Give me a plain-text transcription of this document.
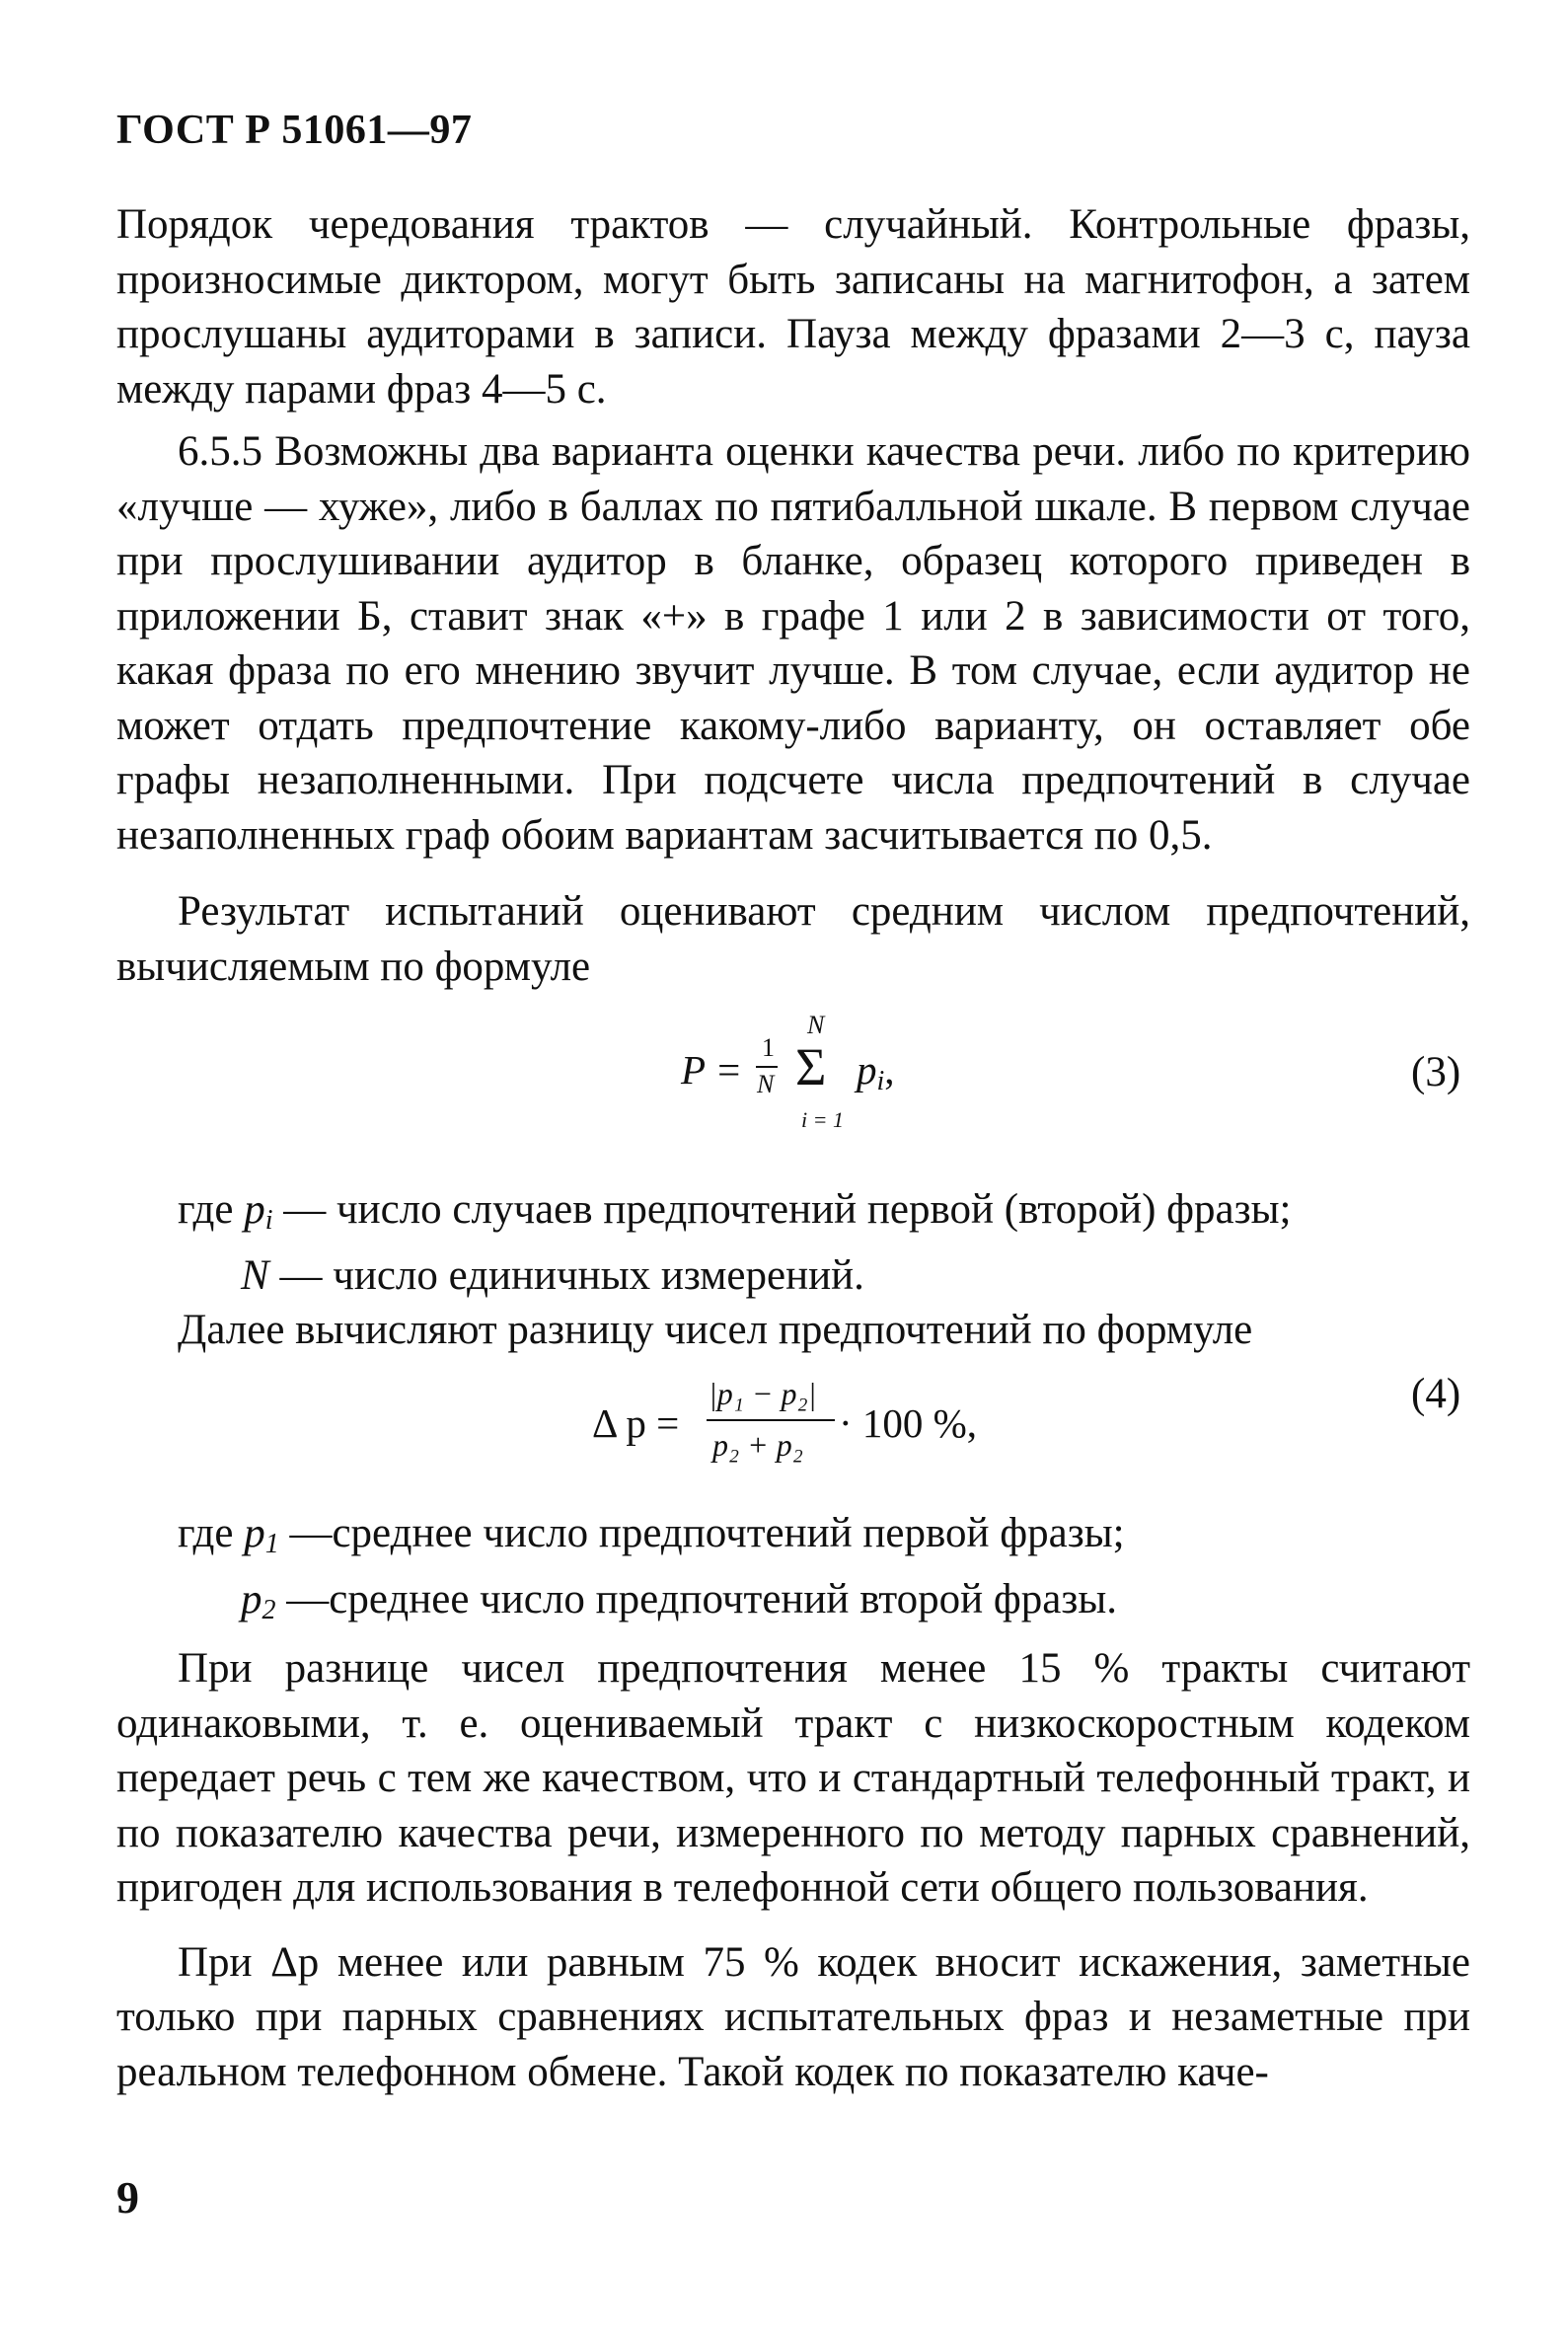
ГОСТ Р 51061—97

Порядок чередования трактов — случайный. Контрольные фразы, произносимые диктором, могут быть записаны на магнитофон, а затем прослушаны аудиторами в записи. Пауза между фразами 2—3 с, пауза между парами фраз 4—5 с.

6.5.5 Возможны два варианта оценки качества речи. либо по критерию «лучше — хуже», либо в баллах по пятибалльной шкале. В первом случае при прослушивании аудитор в бланке, образец которого приведен в приложении Б, ставит знак «+» в графе 1 или 2 в зависимости от того, какая фраза по его мнению звучит лучше. В том случае, если аудитор не может отдать предпочтение какому-либо варианту, он оставляет обе графы незаполненными. При подсчете числа предпочтений в случае незаполненных граф обоим вариантам засчитывается по 0,5.

Результат испытаний оценивают средним числом предпочтений, вычисляемым по формуле

P = 1
N
N
Σ
i = 1
$p_i$,	(3)

где $p_i$ — число случаев предпочтений первой (второй) фразы;

N — число единичных измерений.

Далее вычисляют разницу чисел предпочтений по формуле

Δ p =
|p₁ − p₂|
p₂ + p₂ · 100 %,
(4)

где $p_1$ —среднее число предпочтений первой фразы;

$p_2$ —среднее число предпочтений второй фразы.

При разнице чисел предпочтения менее 15 % тракты считают одинаковыми, т. е. оцениваемый тракт с низкоскоростным кодеком передает речь с тем же качеством, что и стандартный телефонный тракт, и по показателю качества речи, измеренного по методу парных сравнений, пригоден для использования в телефонной сети общего пользования.

При Δp менее или равным 75 % кодек вносит искажения, заметные только при парных сравнениях испытательных фраз и незаметные при реальном телефонном обмене. Такой кодек по показателю каче-

9
